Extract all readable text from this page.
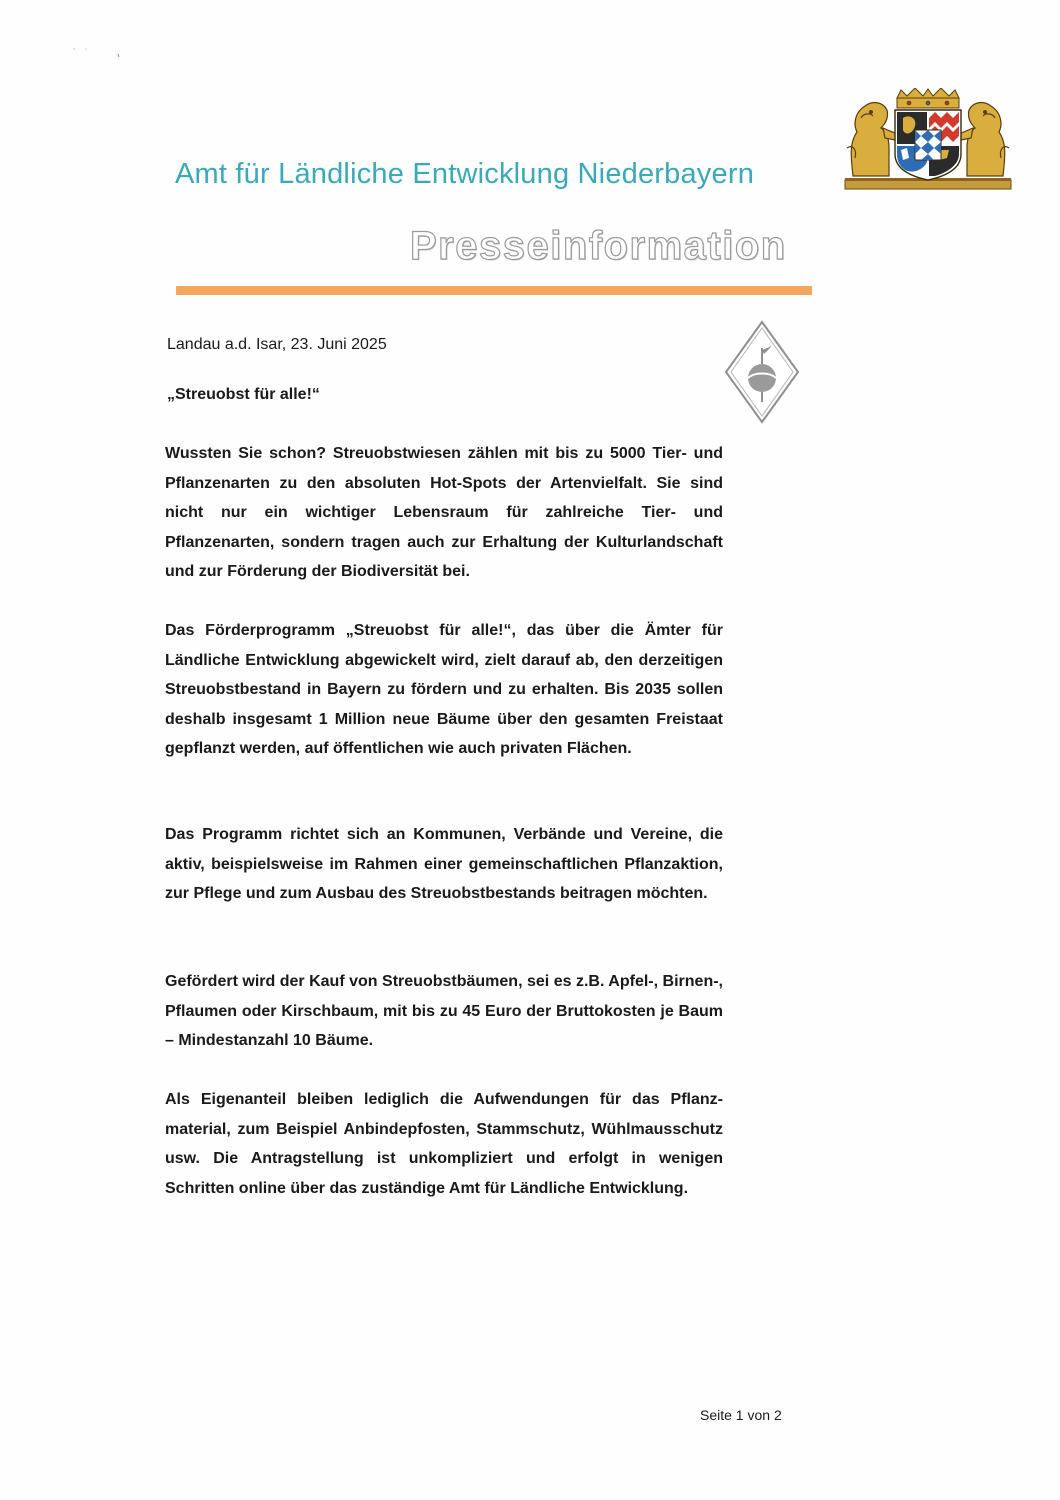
Amt für Ländliche Entwicklung Niederbayern
Presseinformation
Landau a.d. Isar, 23. Juni 2025
„Streuobst für alle!“
Wussten Sie schon? Streuobstwiesen zählen mit bis zu 5000 Tier- und Pflanzenarten zu den absoluten Hot-Spots der Artenvielfalt. Sie sind nicht nur ein wichtiger Lebensraum für zahlreiche Tier- und Pflanzenarten, sondern tragen auch zur Erhaltung der Kulturlandschaft und zur Förderung der Biodiversität bei.
Das Förderprogramm „Streuobst für alle!“, das über die Ämter für Ländliche Entwicklung abgewickelt wird, zielt darauf ab, den derzeitigen Streuobstbestand in Bayern zu fördern und zu erhalten. Bis 2035 sollen deshalb insgesamt 1 Million neue Bäume über den gesamten Freistaat gepflanzt werden, auf öffentlichen wie auch privaten Flächen.
Das Programm richtet sich an Kommunen, Verbände und Vereine, die aktiv, beispielsweise im Rahmen einer gemeinschaftlichen Pflanzaktion, zur Pflege und zum Ausbau des Streuobstbestands beitragen möchten.
Gefördert wird der Kauf von Streuobstbäumen, sei es z.B. Apfel-, Birnen-, Pflaumen oder Kirschbaum, mit bis zu 45 Euro der Bruttokosten je Baum – Mindestanzahl 10 Bäume.
Als Eigenanteil bleiben lediglich die Aufwendungen für das Pflanzmaterial, zum Beispiel Anbindepfosten, Stammschutz, Wühlmausschutz usw. Die Antragstellung ist unkompliziert und erfolgt in wenigen Schritten online über das zuständige Amt für Ländliche Entwicklung.
Seite 1 von 2
